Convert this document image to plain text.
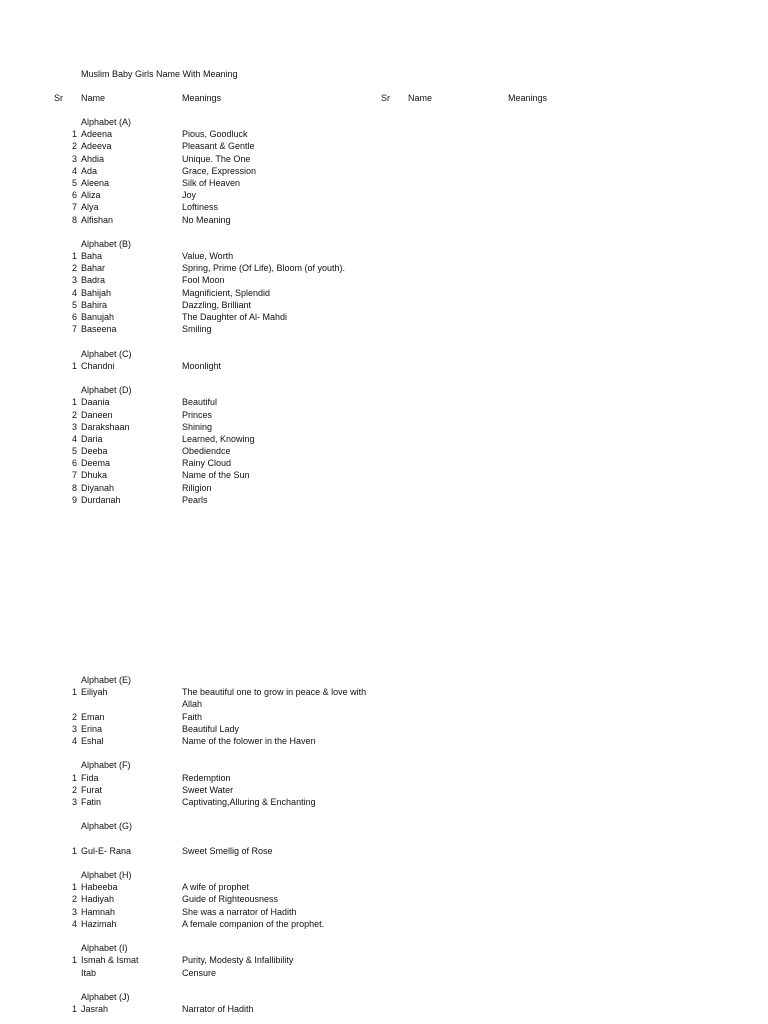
Muslim Baby Girls Name With Meaning
Sr Name	Meanings	Sr Name	Meanings
Alphabet (A)
1 Adeena	Pious, Goodluck
2 Adeeva	Pleasant & Gentle
3 Ahdia	Unique. The One
4 Ada	Grace, Expression
5 Aleena	Silk of Heaven
6 Aliza	Joy
7 Alya	Loftiness
8 Alfishan	No Meaning
Alphabet (B)
1 Baha	Value, Worth
2 Bahar	Spring, Prime (Of Life), Bloom (of youth).
3 Badra	Fool Moon
4 Bahijah	Magnificient, Splendid
5 Bahira	Dazzling, Brilliant
6 Banujah	The Daughter of Al- Mahdi
7 Baseena	Smiling
Alphabet (C)
1 Chandni	Moonlight
Alphabet (D)
1 Daania	Beautiful
2 Daneen	Princes
3 Darakshaan	Shining
4 Daria	Learned, Knowing
5 Deeba	Obediendce
6 Deema	Rainy Cloud
7 Dhuka	Name of the Sun
8 Diyanah	Riligion
9 Durdanah	Pearls
Alphabet (E)
1 Eiliyah	The beautiful one to grow in peace & love with Allah
2 Eman	Faith
3 Erina	Beautiful Lady
4 Eshal	Name of the folower in the Haven
Alphabet (F)
1 Fida	Redemption
2 Furat	Sweet Water
3 Fatin	Captivating,Alluring & Enchanting
Alphabet (G)
1 Gul-E- Rana	Sweet Smellig of Rose
Alphabet (H)
1 Habeeba	A wife of prophet
2 Hadiyah	Guide of Righteousness
3 Hamnah	She was a narrator of Hadith
4 Hazimah	A female companion of the prophet.
Alphabet (I)
1 Ismah & Ismat	Purity, Modesty & Infallibility
Itab	Censure
Alphabet (J)
1 Jasrah	Narrator of Hadith
